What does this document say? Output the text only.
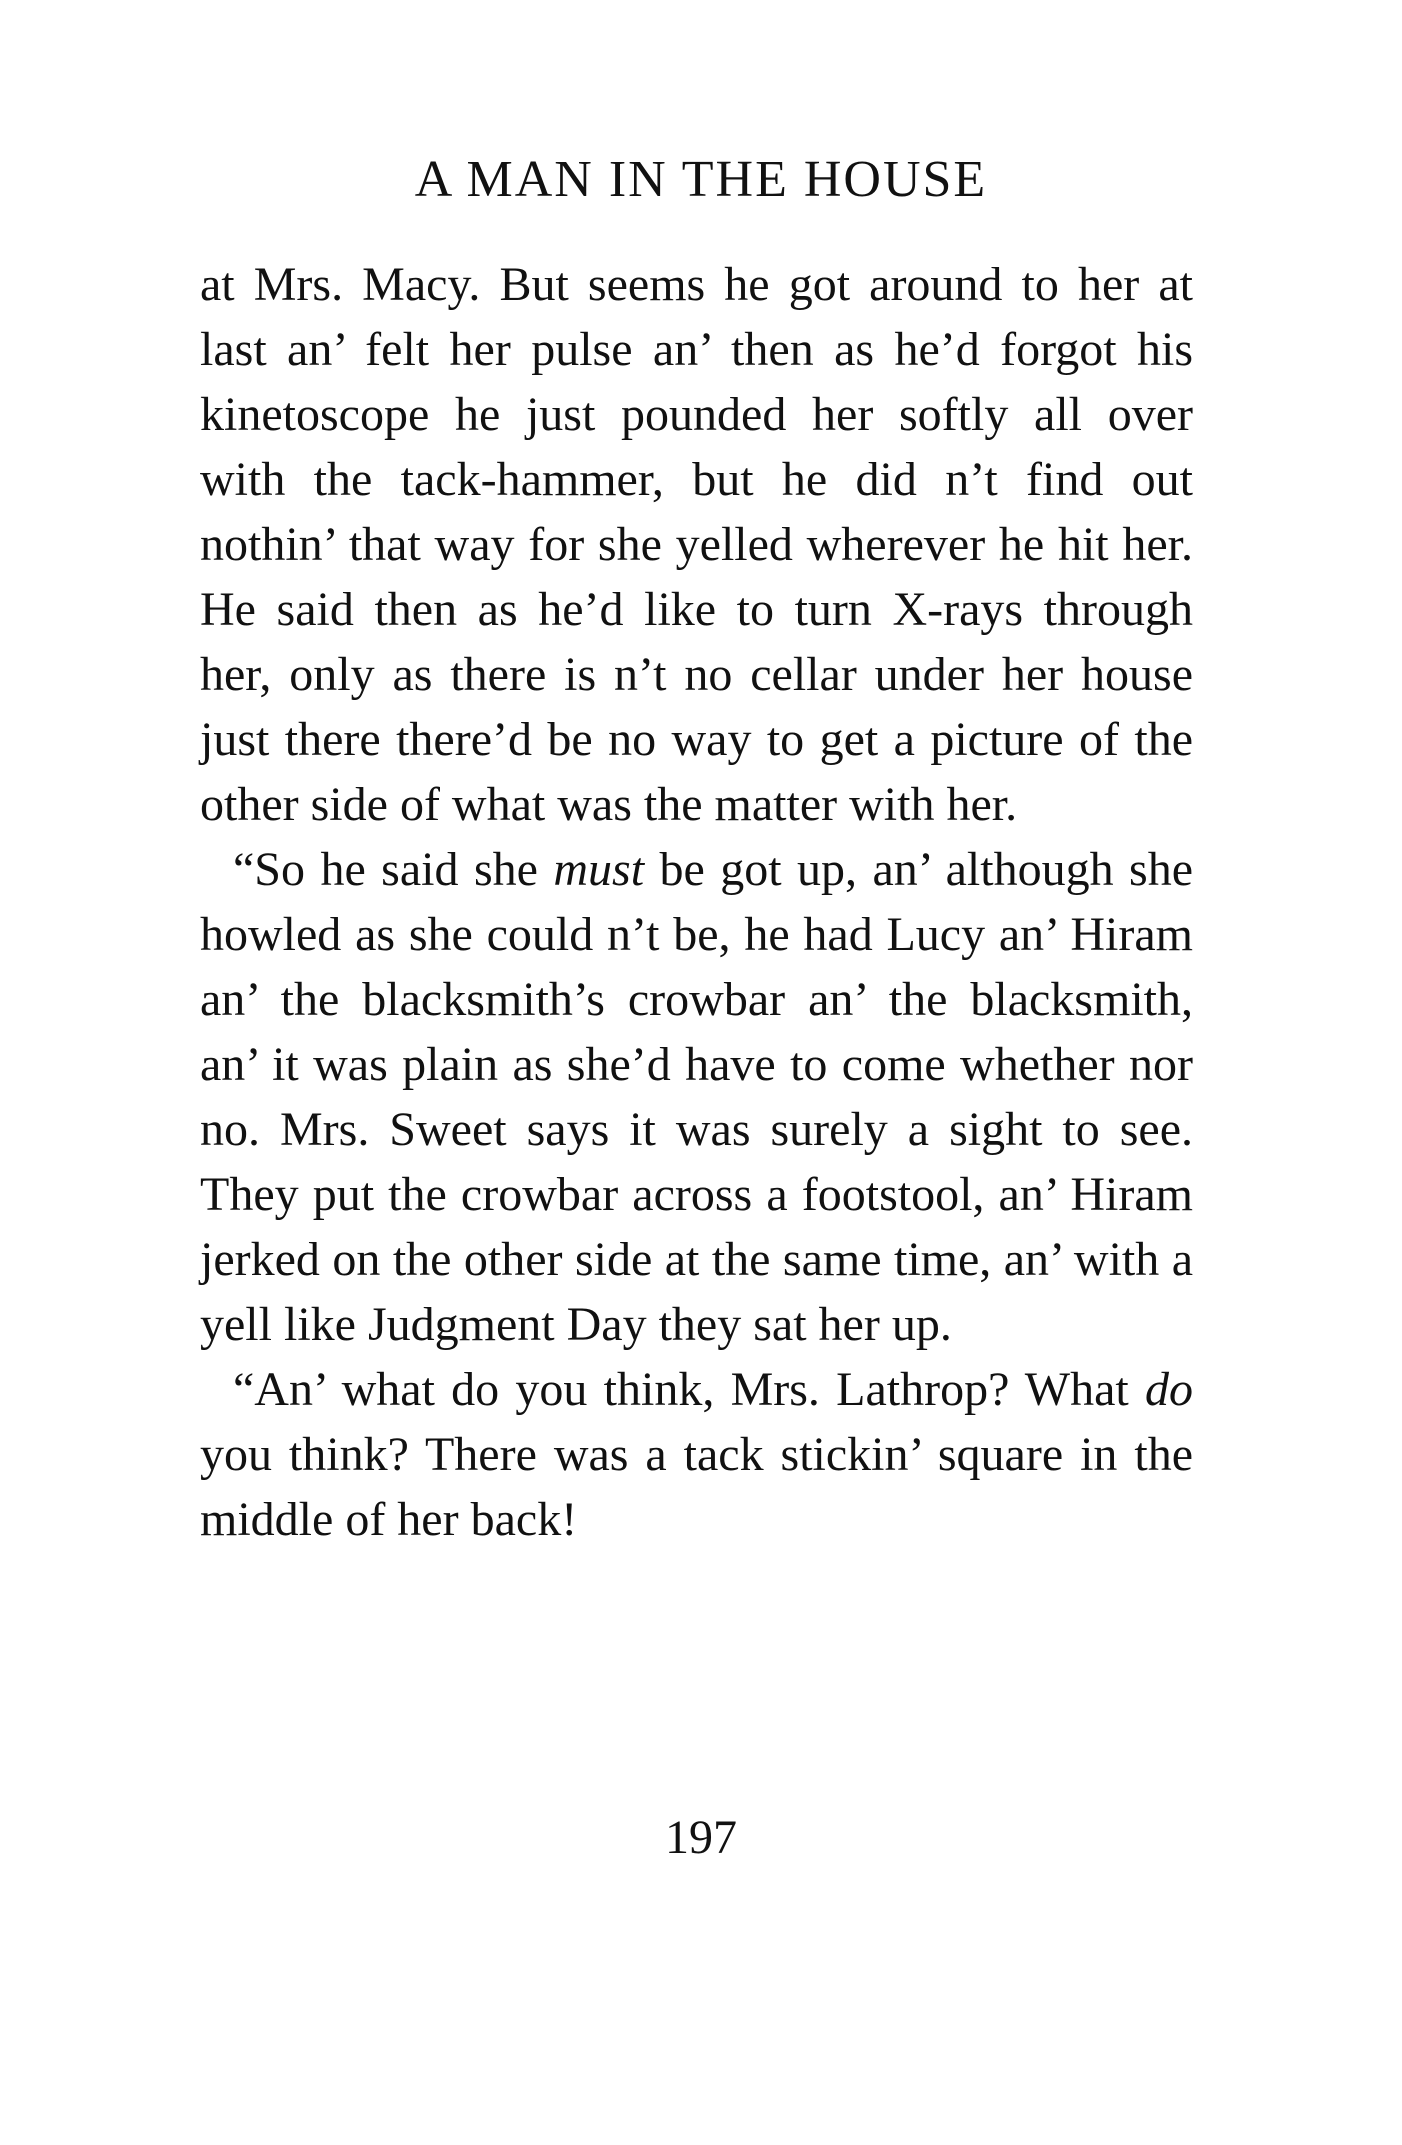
A MAN IN THE HOUSE

at Mrs. Macy. But seems he got around to her at last an’ felt her pulse an’ then as he’d forgot his kinetoscope he just pounded her softly all over with the tack-hammer, but he did n’t find out nothin’ that way for she yelled wherever he hit her. He said then as he’d like to turn X-rays through her, only as there is n’t no cellar under her house just there there’d be no way to get a picture of the other side of what was the matter with her.

“So he said she must be got up, an’ although she howled as she could n’t be, he had Lucy an’ Hiram an’ the blacksmith’s crowbar an’ the blacksmith, an’ it was plain as she’d have to come whether nor no. Mrs. Sweet says it was surely a sight to see. They put the crowbar across a footstool, an’ Hiram jerked on the other side at the same time, an’ with a yell like Judgment Day they sat her up.

“An’ what do you think, Mrs. Lathrop? What do you think? There was a tack stickin’ square in the middle of her back!

197
